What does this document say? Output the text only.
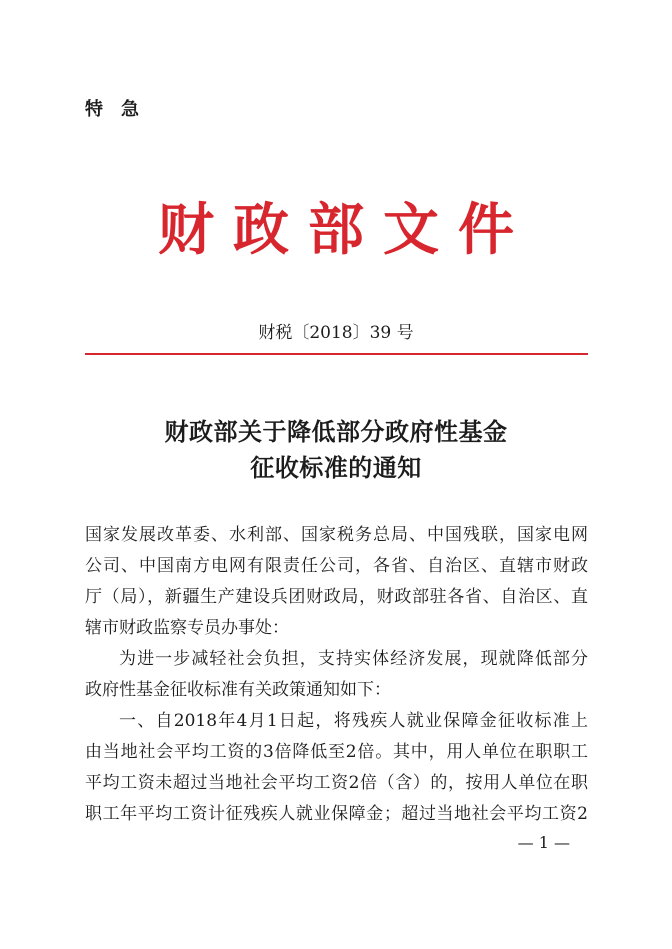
特急
财政部文件
财税〔2018〕39 号
财政部关于降低部分政府性基金
征收标准的通知
国家发展改革委、水利部、国家税务总局、中国残联，国家电网
公司、中国南方电网有限责任公司，各省、自治区、直辖市财政
厅（局），新疆生产建设兵团财政局，财政部驻各省、自治区、直
辖市财政监察专员办事处：
为进一步减轻社会负担，支持实体经济发展，现就降低部分
政府性基金征收标准有关政策通知如下：
一、自2018年4月1日起，将残疾人就业保障金征收标准上
由当地社会平均工资的3倍降低至2倍。其中，用人单位在职职工
平均工资未超过当地社会平均工资2倍（含）的，按用人单位在职
职工年平均工资计征残疾人就业保障金；超过当地社会平均工资2
— 1 —
